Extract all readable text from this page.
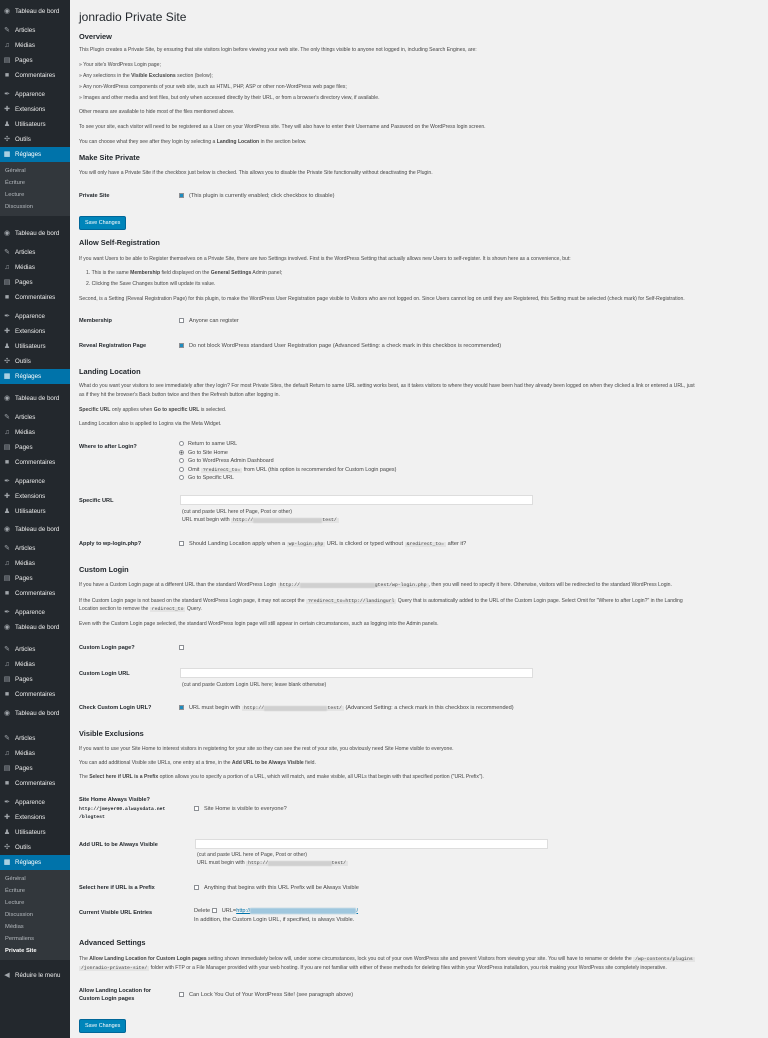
◉ Tableau de bord
✎ Articles
♫ Médias
▤ Pages
■ Commentaires
✒ Apparence
✚ Extensions
♟ Utilisateurs
✣ Outils
▦ Réglages
Général
Écriture
Lecture
Discussion
◉ Tableau de bord
✎ Articles
♫ Médias
▤ Pages
■ Commentaires
✒ Apparence
✚ Extensions
♟ Utilisateurs
✣ Outils
▦ Réglages
◉ Tableau de bord
✎ Articles
♫ Médias
▤ Pages
■ Commentaires
✒ Apparence
✚ Extensions
♟ Utilisateurs
◉ Tableau de bord
✎ Articles
♫ Médias
▤ Pages
■ Commentaires
✒ Apparence
◉ Tableau de bord
✎ Articles
♫ Médias
▤ Pages
■ Commentaires
◉ Tableau de bord
✎ Articles
♫ Médias
▤ Pages
■ Commentaires
✒ Apparence
✚ Extensions
♟ Utilisateurs
✣ Outils
▦ Réglages
Général
Écriture
Lecture
Discussion
Médias
Permaliens
Private Site
◀ Réduire le menu
jonradio Private Site
Overview
This Plugin creates a Private Site, by ensuring that site visitors login before viewing your web site. The only things visible to anyone not logged in, including Search Engines, are:
» Your site's WordPress Login page;
» Any selections in the Visible Exclusions section (below);
» Any non-WordPress components of your web site, such as HTML, PHP, ASP or other non-WordPress web page files;
» Images and other media and text files, but only when accessed directly by their URL, or from a browser's directory view, if available.
Other means are available to hide most of the files mentioned above.
To see your site, each visitor will need to be registered as a User on your WordPress site. They will also have to enter their Username and Password on the WordPress login screen.
You can choose what they see after they login by selecting a Landing Location in the section below.
Make Site Private
You will only have a Private Site if the checkbox just below is checked. This allows you to disable the Private Site functionality without deactivating the Plugin.
Private Site	(This plugin is currently enabled; click checkbox to disable)
Save Changes
Allow Self-Registration
If you want Users to be able to Register themselves on a Private Site, there are two Settings involved. First is the WordPress Setting that actually allows new Users to self-register. It is shown here as a convenience, but:
1. This is the same Membership field displayed on the General Settings Admin panel;
2. Clicking the Save Changes button will update its value.
Second, is a Setting (Reveal Registration Page) for this plugin, to make the WordPress User Registration page visible to Visitors who are not logged on. Since Users cannot log on until they are Registered, this Setting must be selected (check mark) for Self-Registration.
Membership	Anyone can register
Reveal Registration Page	Do not block WordPress standard User Registration page (Advanced Setting: a check mark in this checkbox is recommended)
Landing Location
What do you want your visitors to see immediately after they login? For most Private Sites, the default Return to same URL setting works best, as it takes visitors to where they would have been had they already been logged on when they clicked a link or entered a URL, just
as if they hit the browser's Back button twice and then the Refresh button after logging in.
Specific URL only applies when Go to specific URL is selected.
Landing Location also is applied to Logins via the Meta Widget.
Where to after Login?	Return to same URL
Go to Site Home
Go to WordPress Admin Dashboard
Omit ?redirect_to= from URL (this option is recommended for Custom Login pages)
Go to Specific URL
Specific URL
(cut and paste URL here of Page, Post or other)
URL must begin with http://	test/
Apply to wp-login.php?	Should Landing Location apply when a wp-login.php URL is clicked or typed without &redirect_to= after it?
Custom Login
If you have a Custom Login page at a different URL than the standard WordPress Login http://	gtest/wp-login.php , then you will need to specify it here. Otherwise, visitors will be redirected to the standard WordPress Login.
If the Custom Login page is not based on the standard WordPress Login page, it may not accept the ?redirect_to=http://landingurl Query that is automatically added to the URL of the Custom Login page. Select Omit for "Where to after Login?" in the Landing
Location section to remove the redirect_to Query.
Even with the Custom Login page selected, the standard WordPress login page will still appear in certain circumstances, such as logging into the Admin panels.
Custom Login page?
Custom Login URL
(cut and paste Custom Login URL here; leave blank otherwise)
Check Custom Login URL?	URL must begin with http://	test/ (Advanced Setting: a check mark in this checkbox is recommended)
Visible Exclusions
If you want to use your Site Home to interest visitors in registering for your site so they can see the rest of your site, you obviously need Site Home visible to everyone.
You can add additional Visible site URLs, one entry at a time, in the Add URL to be Always Visible field.
The Select here if URL is a Prefix option allows you to specify a portion of a URL, which will match, and make visible, all URLs that begin with that specified portion ("URL Prefix").
Site Home Always Visible?
http://jmeyer00.alwaysdata.net
/blogtest
Site Home is visible to everyone?
Add URL to be Always Visible
(cut and paste URL here of Page, Post or other)
URL must begin with http://	test/
Select here if URL is a Prefix	Anything that begins with this URL Prefix will be Always Visible
Current Visible URL Entries	Delete URL=http://	/
In addition, the Custom Login URL, if specified, is always Visible.
Advanced Settings
The Allow Landing Location for Custom Login pages setting shown immediately below will, under some circumstances, lock you out of your own WordPress site and prevent Visitors from viewing your site. You will have to rename or delete the /wp-contents/plugins
/jonradio-private-site/ folder with FTP or a File Manager provided with your web hosting. If you are not familiar with either of these methods for deleting files within your WordPress installation, you risk making your WordPress site completely inoperative.
Allow Landing Location for
Custom Login pages
Can Lock You Out of Your WordPress Site! (see paragraph above)
Save Changes
